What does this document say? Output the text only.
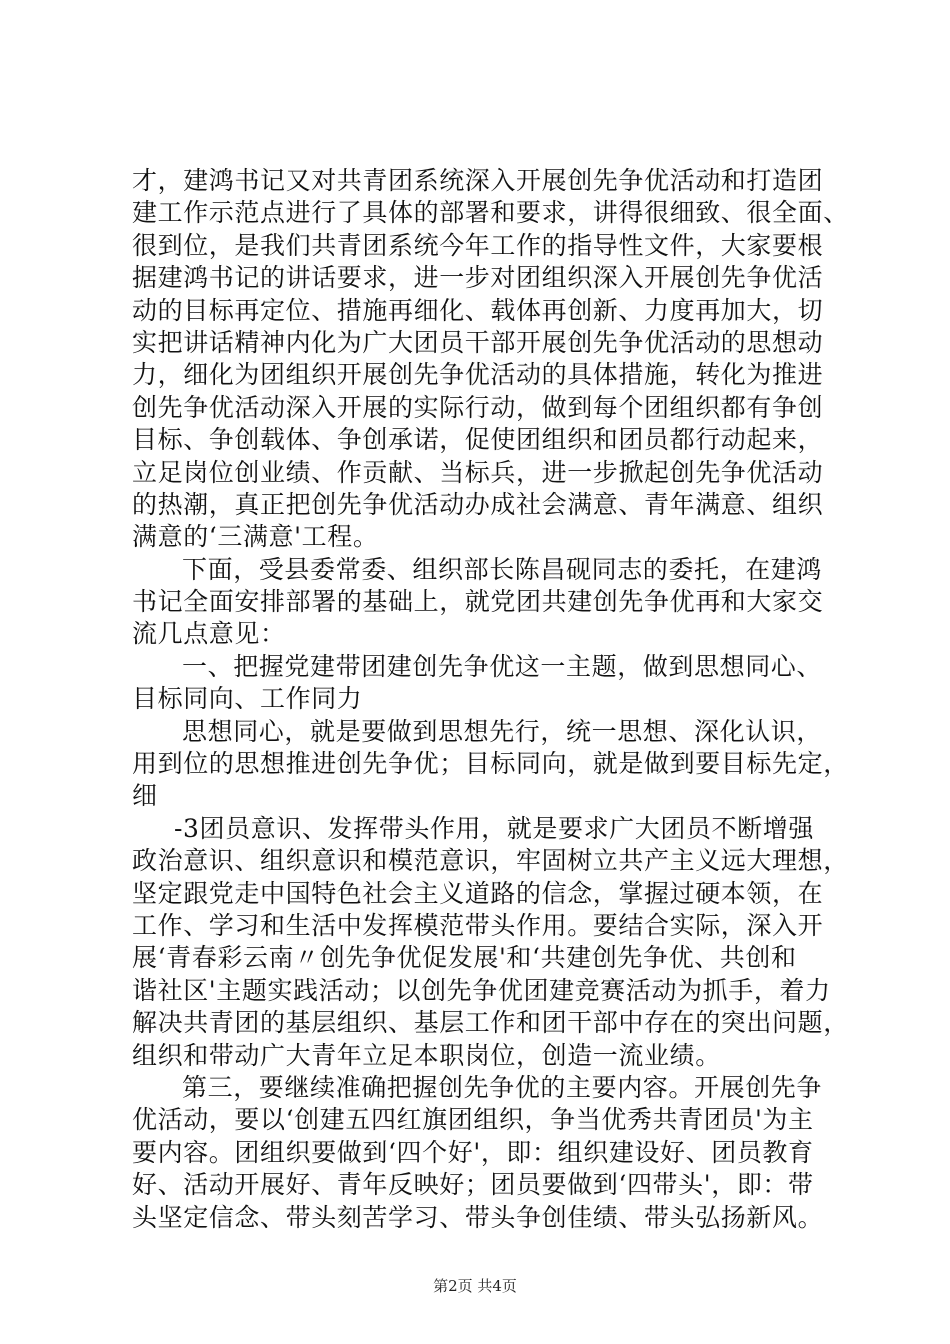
才，建鸿书记又对共青团系统深入开展创先争优活动和打造团
建工作示范点进行了具体的部署和要求，讲得很细致、很全面、
很到位，是我们共青团系统今年工作的指导性文件，大家要根
据建鸿书记的讲话要求，进一步对团组织深入开展创先争优活
动的目标再定位、措施再细化、载体再创新、力度再加大，切
实把讲话精神内化为广大团员干部开展创先争优活动的思想动
力，细化为团组织开展创先争优活动的具体措施，转化为推进
创先争优活动深入开展的实际行动，做到每个团组织都有争创
目标、争创载体、争创承诺，促使团组织和团员都行动起来，
立足岗位创业绩、作贡献、当标兵，进一步掀起创先争优活动
的热潮，真正把创先争优活动办成社会满意、青年满意、组织
满意的‘三满意'工程。
下面，受县委常委、组织部长陈昌砚同志的委托，在建鸿
书记全面安排部署的基础上，就党团共建创先争优再和大家交
流几点意见：
一、把握党建带团建创先争优这一主题，做到思想同心、
目标同向、工作同力
思想同心，就是要做到思想先行，统一思想、深化认识，
用到位的思想推进创先争优；目标同向，就是做到要目标先定，
细
-3团员意识、发挥带头作用，就是要求广大团员不断增强
政治意识、组织意识和模范意识，牢固树立共产主义远大理想，
坚定跟党走中国特色社会主义道路的信念，掌握过硬本领，在
工作、学习和生活中发挥模范带头作用。要结合实际，深入开
展‘青春彩云南〃创先争优促发展'和‘共建创先争优、共创和
谐社区'主题实践活动；以创先争优团建竞赛活动为抓手，着力
解决共青团的基层组织、基层工作和团干部中存在的突出问题，
组织和带动广大青年立足本职岗位，创造一流业绩。
第三，要继续准确把握创先争优的主要内容。开展创先争
优活动，要以‘创建五四红旗团组织，争当优秀共青团员'为主
要内容。团组织要做到‘四个好'，即：组织建设好、团员教育
好、活动开展好、青年反映好；团员要做到‘四带头'，即：带
头坚定信念、带头刻苦学习、带头争创佳绩、带头弘扬新风。
第2页 共4页
